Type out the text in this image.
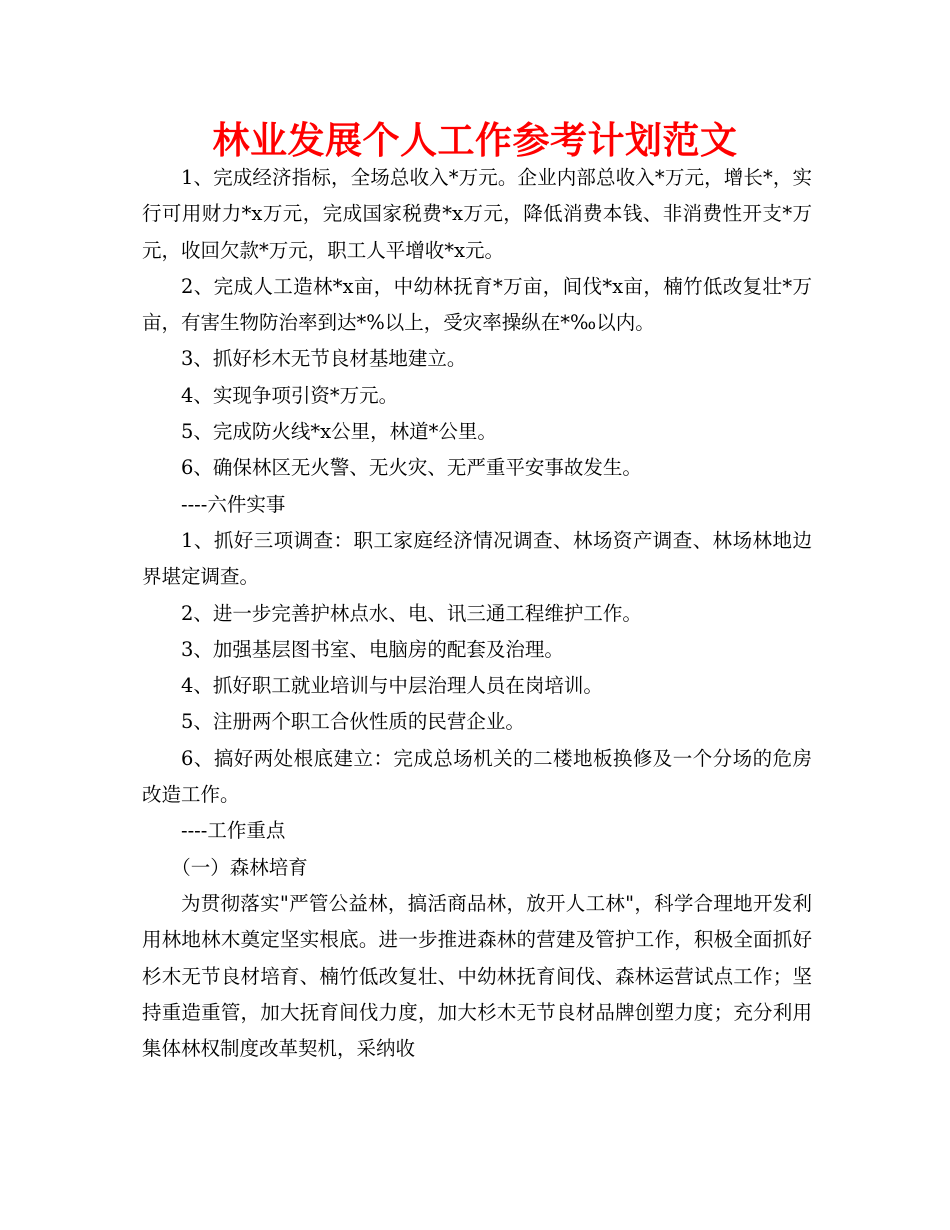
林业发展个人工作参考计划范文

1、完成经济指标，全场总收入*万元。企业内部总收入*万元，增长*，实行可用财力*x万元，完成国家税费*x万元，降低消费本钱、非消费性开支*万元，收回欠款*万元，职工人平增收*x元。

2、完成人工造林*x亩，中幼林抚育*万亩，间伐*x亩，楠竹低改复壮*万亩，有害生物防治率到达*%以上，受灾率操纵在*‰以内。

3、抓好杉木无节良材基地建立。

4、实现争项引资*万元。

5、完成防火线*x公里，林道*公里。

6、确保林区无火警、无火灾、无严重平安事故发生。

----六件实事

1、抓好三项调查：职工家庭经济情况调查、林场资产调查、林场林地边界堪定调查。

2、进一步完善护林点水、电、讯三通工程维护工作。

3、加强基层图书室、电脑房的配套及治理。

4、抓好职工就业培训与中层治理人员在岗培训。

5、注册两个职工合伙性质的民营企业。

6、搞好两处根底建立：完成总场机关的二楼地板换修及一个分场的危房改造工作。

----工作重点

（一）森林培育

为贯彻落实"严管公益林，搞活商品林，放开人工林"，科学合理地开发利用林地林木奠定坚实根底。进一步推进森林的营建及管护工作，积极全面抓好杉木无节良材培育、楠竹低改复壮、中幼林抚育间伐、森林运营试点工作；坚持重造重管，加大抚育间伐力度，加大杉木无节良材品牌创塑力度；充分利用集体林权制度改革契机，采纳收
